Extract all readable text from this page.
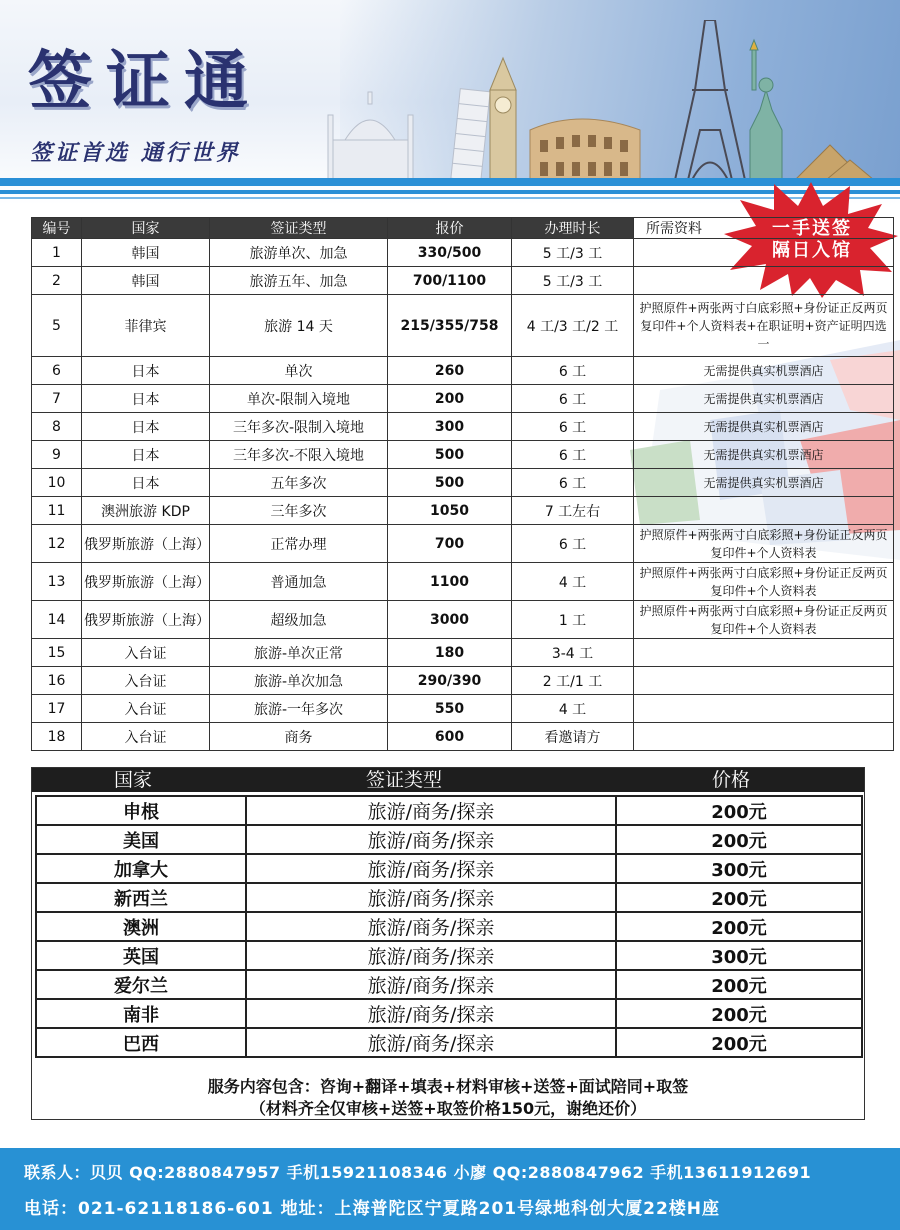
签证通
签证首选 通行世界
一手送签
隔日入馆
编号	国家	签证类型	报价	办理时长	所需资料
1	韩国	旅游单次、加急	330/500	5 工/3 工	
2	韩国	旅游五年、加急	700/1100	5 工/3 工	
5	菲律宾	旅游 14 天	215/355/758	4 工/3 工/2 工	护照原件+两张两寸白底彩照+身份证正反两页复印件+个人资料表+在职证明+资产证明四选一
6	日本	单次	260	6 工	无需提供真实机票酒店
7	日本	单次-限制入境地	200	6 工	无需提供真实机票酒店
8	日本	三年多次-限制入境地	300	6 工	无需提供真实机票酒店
9	日本	三年多次-不限入境地	500	6 工	无需提供真实机票酒店
10	日本	五年多次	500	6 工	无需提供真实机票酒店
11	澳洲旅游 KDP	三年多次	1050	7 工左右	
12	俄罗斯旅游（上海）	正常办理	700	6 工	护照原件+两张两寸白底彩照+身份证正反两页复印件+个人资料表
13	俄罗斯旅游（上海）	普通加急	1100	4 工	护照原件+两张两寸白底彩照+身份证正反两页复印件+个人资料表
14	俄罗斯旅游（上海）	超级加急	3000	1 工	护照原件+两张两寸白底彩照+身份证正反两页复印件+个人资料表
15	入台证	旅游-单次正常	180	3-4 工	
16	入台证	旅游-单次加急	290/390	2 工/1 工	
17	入台证	旅游-一年多次	550	4 工	
18	入台证	商务	600	看邀请方	
国家	签证类型	价格
申根	旅游/商务/探亲	200元
美国	旅游/商务/探亲	200元
加拿大	旅游/商务/探亲	300元
新西兰	旅游/商务/探亲	200元
澳洲	旅游/商务/探亲	200元
英国	旅游/商务/探亲	300元
爱尔兰	旅游/商务/探亲	200元
南非	旅游/商务/探亲	200元
巴西	旅游/商务/探亲	200元
服务内容包含：咨询+翻译+填表+材料审核+送签+面试陪同+取签
（材料齐全仅审核+送签+取签价格150元，谢绝还价）
联系人：贝贝 QQ:2880847957 手机15921108346 小廖 QQ:2880847962 手机13611912691
电话：021-62118186-601 地址：上海普陀区宁夏路201号绿地科创大厦22楼H座
